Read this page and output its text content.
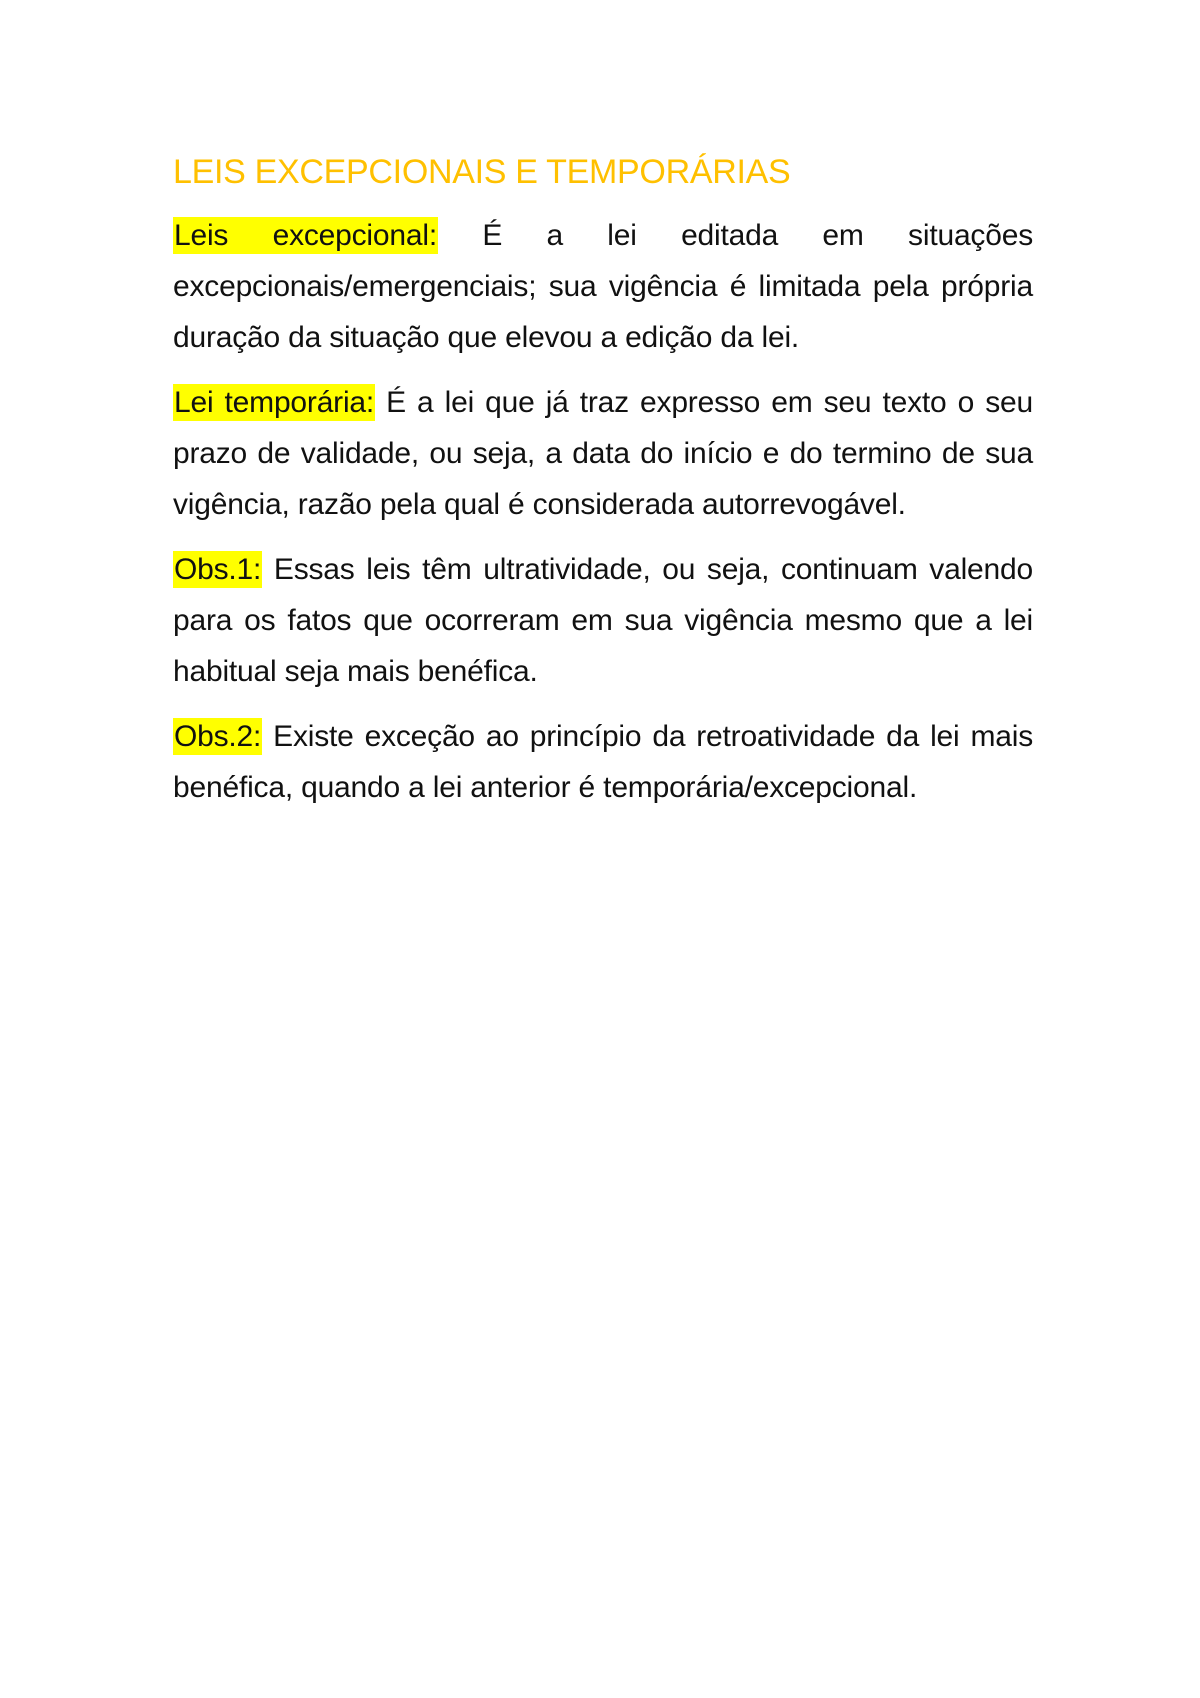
LEIS EXCEPCIONAIS E TEMPORÁRIAS

Leis excepcional: É a lei editada em situações excepcionais/emergenciais; sua vigência é limitada pela própria duração da situação que elevou a edição da lei.

Lei temporária: É a lei que já traz expresso em seu texto o seu prazo de validade, ou seja, a data do início e do termino de sua vigência, razão pela qual é considerada autorrevogável.

Obs.1: Essas leis têm ultratividade, ou seja, continuam valendo para os fatos que ocorreram em sua vigência mesmo que a lei habitual seja mais benéfica.

Obs.2: Existe exceção ao princípio da retroatividade da lei mais benéfica, quando a lei anterior é temporária/excepcional.
